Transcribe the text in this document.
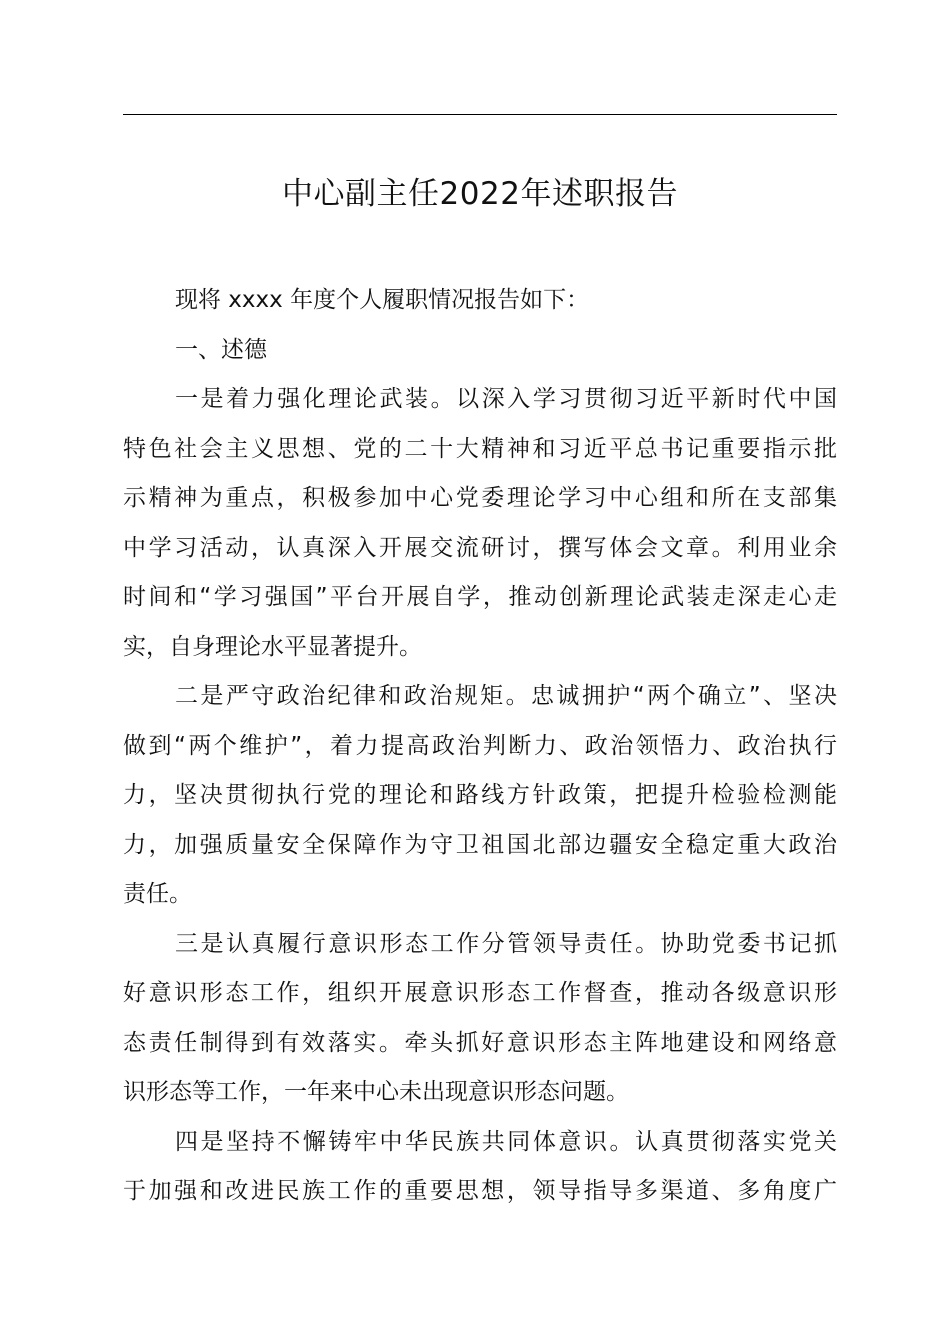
中心副主任2022年述职报告
现将 xxxx 年度个人履职情况报告如下：
一、述德
一是着力强化理论武装。以深入学习贯彻习近平新时代中国
特色社会主义思想、党的二十大精神和习近平总书记重要指示批
示精神为重点，积极参加中心党委理论学习中心组和所在支部集
中学习活动，认真深入开展交流研讨，撰写体会文章。利用业余
时间和“学习强国”平台开展自学，推动创新理论武装走深走心走
实，自身理论水平显著提升。
二是严守政治纪律和政治规矩。忠诚拥护“两个确立”、坚决
做到“两个维护”，着力提高政治判断力、政治领悟力、政治执行
力，坚决贯彻执行党的理论和路线方针政策，把提升检验检测能
力，加强质量安全保障作为守卫祖国北部边疆安全稳定重大政治
责任。
三是认真履行意识形态工作分管领导责任。协助党委书记抓
好意识形态工作，组织开展意识形态工作督查，推动各级意识形
态责任制得到有效落实。牵头抓好意识形态主阵地建设和网络意
识形态等工作，一年来中心未出现意识形态问题。
四是坚持不懈铸牢中华民族共同体意识。认真贯彻落实党关
于加强和改进民族工作的重要思想，领导指导多渠道、多角度广
